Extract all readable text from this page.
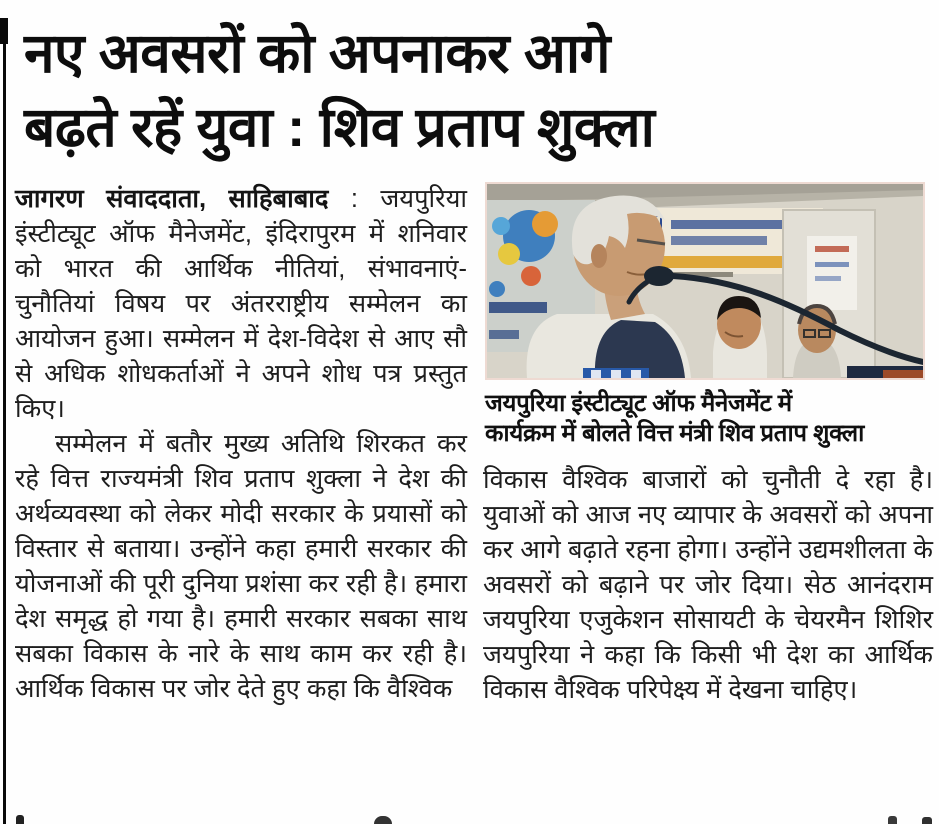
नए अवसरों को अपनाकर आगे
बढ़ते रहें युवा : शिव प्रताप शुक्ला

जागरण संवाददाता, साहिबाबाद : जयपुरिया इंस्टीट्यूट ऑफ मैनेजमेंट, इंदिरापुरम में शनिवार को भारत की आर्थिक नीतियां, संभावनाएं-चुनौतियां विषय पर अंतरराष्ट्रीय सम्मेलन का आयोजन हुआ। सम्मेलन में देश-विदेश से आए सौ से अधिक शोधकर्ताओं ने अपने शोध पत्र प्रस्तुत किए।

सम्मेलन में बतौर मुख्य अतिथि शिरकत कर रहे वित्त राज्यमंत्री शिव प्रताप शुक्ला ने देश की अर्थव्यवस्था को लेकर मोदी सरकार के प्रयासों को विस्तार से बताया। उन्होंने कहा हमारी सरकार की योजनाओं की पूरी दुनिया प्रशंसा कर रही है। हमारा देश समृद्ध हो गया है। हमारी सरकार सबका साथ सबका विकास के नारे के साथ काम कर रही है। आर्थिक विकास पर जोर देते हुए कहा कि वैश्विक

जयपुरिया इंस्टीट्यूट ऑफ मैनेजमेंट में
कार्यक्रम में बोलते वित्त मंत्री शिव प्रताप शुक्ला

विकास वैश्विक बाजारों को चुनौती दे रहा है। युवाओं को आज नए व्यापार के अवसरों को अपना कर आगे बढ़ाते रहना होगा। उन्होंने उद्यमशीलता के अवसरों को बढ़ाने पर जोर दिया। सेठ आनंदराम जयपुरिया एजुकेशन सोसायटी के चेयरमैन शिशिर जयपुरिया ने कहा कि किसी भी देश का आर्थिक विकास वैश्विक परिपेक्ष्य में देखना चाहिए।
